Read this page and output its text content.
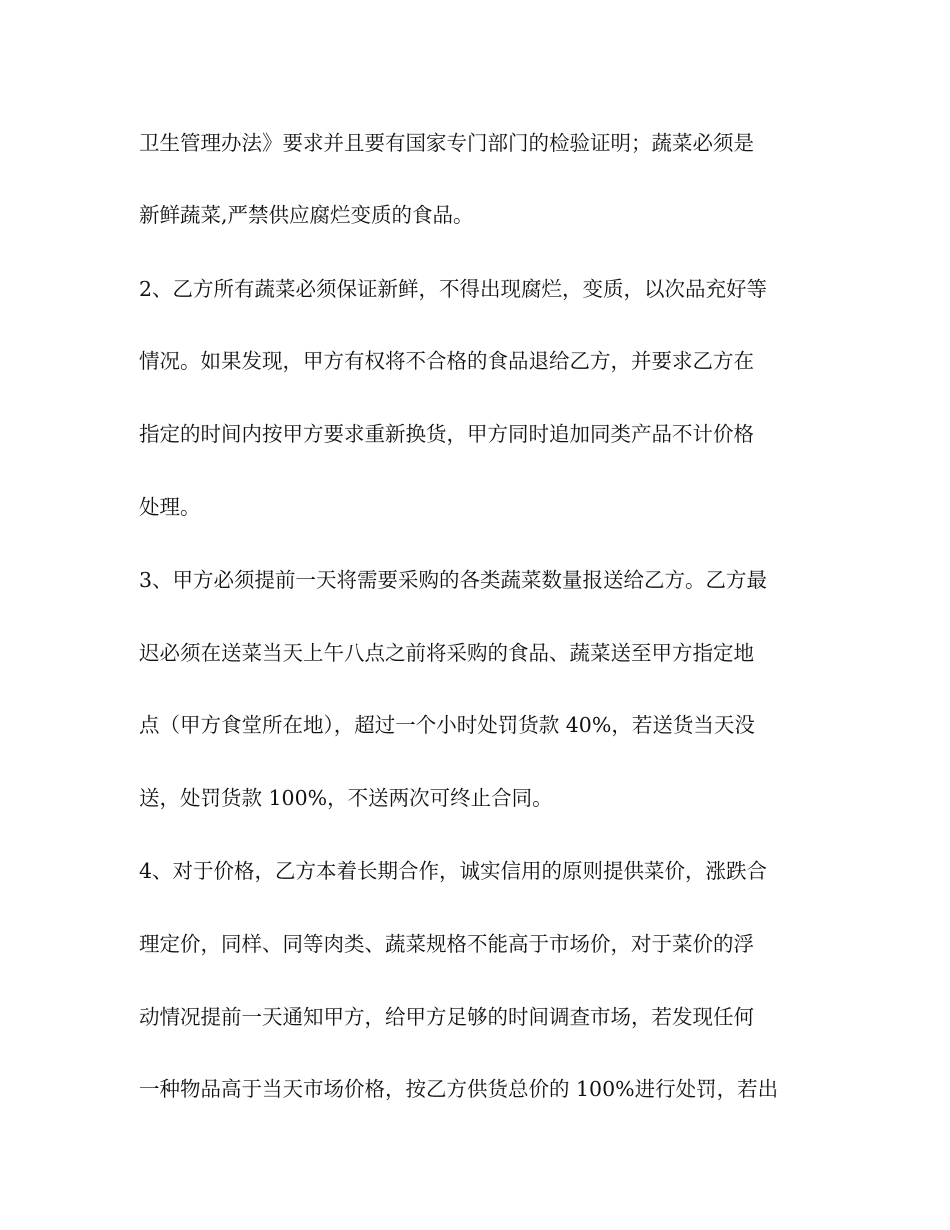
卫生管理办法》要求并且要有国家专门部门的检验证明；蔬菜必须是
新鲜蔬菜,严禁供应腐烂变质的食品。
2、乙方所有蔬菜必须保证新鲜，不得出现腐烂，变质，以次品充好等
情况。如果发现，甲方有权将不合格的食品退给乙方，并要求乙方在
指定的时间内按甲方要求重新换货，甲方同时追加同类产品不计价格
处理。
3、甲方必须提前一天将需要采购的各类蔬菜数量报送给乙方。乙方最
迟必须在送菜当天上午八点之前将采购的食品、蔬菜送至甲方指定地
点（甲方食堂所在地），超过一个小时处罚货款 40%，若送货当天没
送，处罚货款 100%，不送两次可终止合同。
4、对于价格，乙方本着长期合作，诚实信用的原则提供菜价，涨跌合
理定价，同样、同等肉类、蔬菜规格不能高于市场价，对于菜价的浮
动情况提前一天通知甲方，给甲方足够的时间调查市场，若发现任何
一种物品高于当天市场价格，按乙方供货总价的 100%进行处罚，若出
